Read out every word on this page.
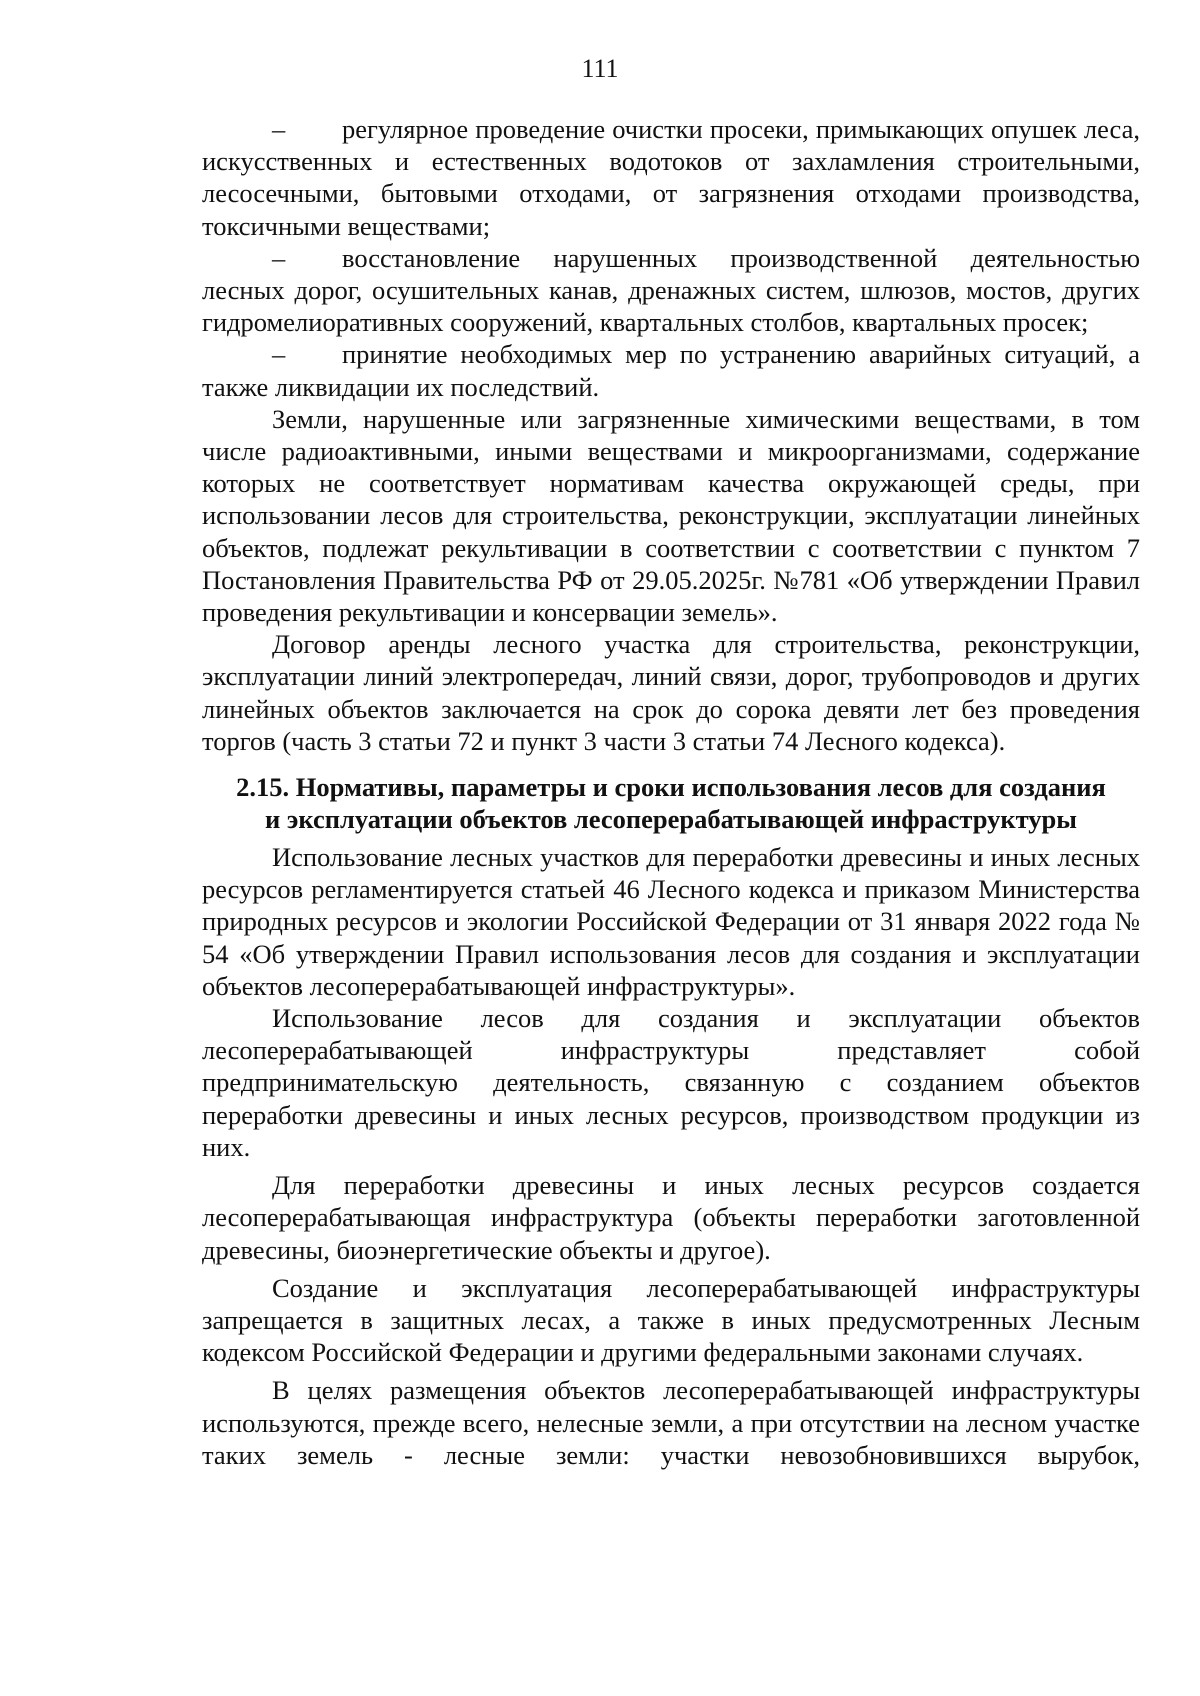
111
–	регулярное проведение очистки просеки, примыкающих опушек леса, искусственных и естественных водотоков от захламления строительными, лесосечными, бытовыми отходами, от загрязнения отходами производства, токсичными веществами;

–	восстановление нарушенных производственной деятельностью лесных дорог, осушительных канав, дренажных систем, шлюзов, мостов, других гидромелиоративных сооружений, квартальных столбов, квартальных просек;

–	принятие необходимых мер по устранению аварийных ситуаций, а также ликвидации их последствий.

Земли, нарушенные или загрязненные химическими веществами, в том числе радиоактивными, иными веществами и микроорганизмами, содержание которых не соответствует нормативам качества окружающей среды, при использовании лесов для строительства, реконструкции, эксплуатации линейных объектов, подлежат рекультивации в соответствии с соответствии с пунктом 7 Постановления Правительства РФ от 29.05.2025г. №781 «Об утверждении Правил проведения рекультивации и консервации земель».

Договор аренды лесного участка для строительства, реконструкции, эксплуатации линий электропередач, линий связи, дорог, трубопроводов и других линейных объектов заключается на срок до сорока девяти лет без проведения торгов (часть 3 статьи 72 и пункт 3 части 3 статьи 74 Лесного кодекса).

2.15. Нормативы, параметры и сроки использования лесов для создания
и эксплуатации объектов лесоперерабатывающей инфраструктуры

Использование лесных участков для переработки древесины и иных лесных ресурсов регламентируется статьей 46 Лесного кодекса и приказом Министерства природных ресурсов и экологии Российской Федерации от 31 января 2022 года № 54 «Об утверждении Правил использования лесов для создания и эксплуатации объектов лесоперерабатывающей инфраструктуры».

Использование лесов для создания и эксплуатации объектов лесоперерабатывающей инфраструктуры представляет собой предпринимательскую деятельность, связанную с созданием объектов переработки древесины и иных лесных ресурсов, производством продукции из них.

Для переработки древесины и иных лесных ресурсов создается лесоперерабатывающая инфраструктура (объекты переработки заготовленной древесины, биоэнергетические объекты и другое).

Создание и эксплуатация лесоперерабатывающей инфраструктуры запрещается в защитных лесах, а также в иных предусмотренных Лесным кодексом Российской Федерации и другими федеральными законами случаях.

В целях размещения объектов лесоперерабатывающей инфраструктуры используются, прежде всего, нелесные земли, а при отсутствии на лесном участке таких земель - лесные земли: участки невозобновившихся вырубок,
